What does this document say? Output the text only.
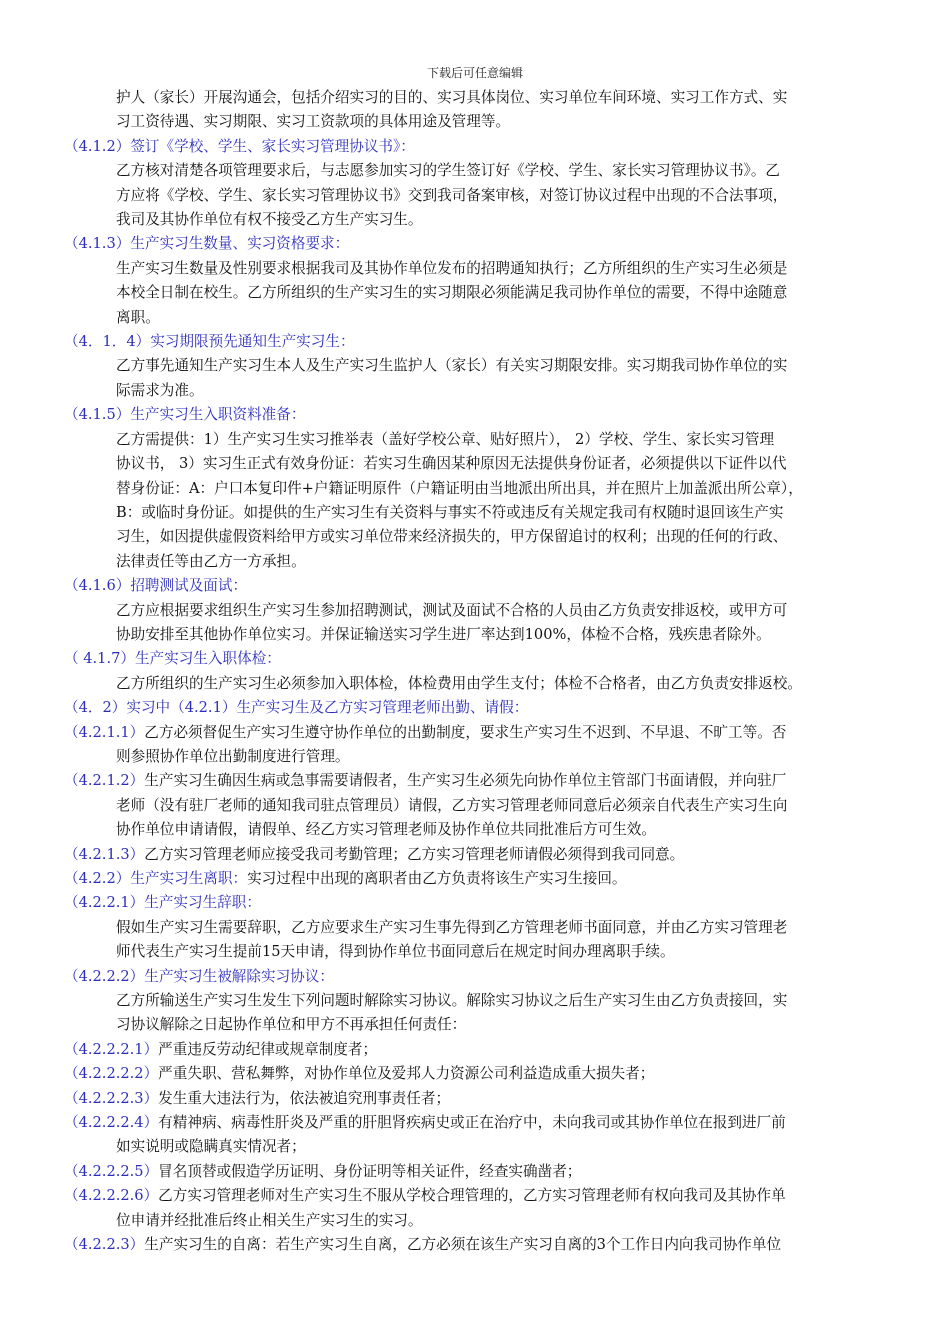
下载后可任意编辑
护人（家长）开展沟通会，包括介绍实习的目的、实习具体岗位、实习单位车间环境、实习工作方式、实
习工资待遇、实习期限、实习工资款项的具体用途及管理等。
（4.1.2）签订《学校、学生、家长实习管理协议书》：
乙方核对清楚各项管理要求后，与志愿参加实习的学生签订好《学校、学生、家长实习管理协议书》。乙
方应将《学校、学生、家长实习管理协议书》交到我司备案审核，对签订协议过程中出现的不合法事项，
我司及其协作单位有权不接受乙方生产实习生。
（4.1.3）生产实习生数量、实习资格要求：
生产实习生数量及性别要求根据我司及其协作单位发布的招聘通知执行；乙方所组织的生产实习生必须是
本校全日制在校生。乙方所组织的生产实习生的实习期限必须能满足我司协作单位的需要，不得中途随意
离职。
（4．1．4）实习期限预先通知生产实习生：
乙方事先通知生产实习生本人及生产实习生监护人（家长）有关实习期限安排。实习期我司协作单位的实
际需求为准。
（4.1.5）生产实习生入职资料准备：
乙方需提供：1）生产实习生实习推举表（盖好学校公章、贴好照片）， 2）学校、学生、家长实习管理
协议书， 3）实习生正式有效身份证：若实习生确因某种原因无法提供身份证者，必须提供以下证件以代
替身份证：A：户口本复印件+户籍证明原件（户籍证明由当地派出所出具，并在照片上加盖派出所公章），
B：或临时身份证。如提供的生产实习生有关资料与事实不符或违反有关规定我司有权随时退回该生产实
习生，如因提供虚假资料给甲方或实习单位带来经济损失的，甲方保留追讨的权利；出现的任何的行政、
法律责任等由乙方一方承担。
（4.1.6）招聘测试及面试：
乙方应根据要求组织生产实习生参加招聘测试，测试及面试不合格的人员由乙方负责安排返校，或甲方可
协助安排至其他协作单位实习。并保证输送实习学生进厂率达到100%，体检不合格，残疾患者除外。
（ 4.1.7）生产实习生入职体检：
乙方所组织的生产实习生必须参加入职体检，体检费用由学生支付；体检不合格者，由乙方负责安排返校。
（4．2）实习中（4.2.1）生产实习生及乙方实习管理老师出勤、请假：
（4.2.1.1）乙方必须督促生产实习生遵守协作单位的出勤制度，要求生产实习生不迟到、不早退、不旷工等。否
则参照协作单位出勤制度进行管理。
（4.2.1.2）生产实习生确因生病或急事需要请假者，生产实习生必须先向协作单位主管部门书面请假，并向驻厂
老师（没有驻厂老师的通知我司驻点管理员）请假，乙方实习管理老师同意后必须亲自代表生产实习生向
协作单位申请请假，请假单、经乙方实习管理老师及协作单位共同批准后方可生效。
（4.2.1.3）乙方实习管理老师应接受我司考勤管理；乙方实习管理老师请假必须得到我司同意。
（4.2.2）生产实习生离职：实习过程中出现的离职者由乙方负责将该生产实习生接回。
（4.2.2.1）生产实习生辞职：
假如生产实习生需要辞职，乙方应要求生产实习生事先得到乙方管理老师书面同意，并由乙方实习管理老
师代表生产实习生提前15天申请，得到协作单位书面同意后在规定时间办理离职手续。
（4.2.2.2）生产实习生被解除实习协议：
乙方所输送生产实习生发生下列问题时解除实习协议。解除实习协议之后生产实习生由乙方负责接回，实
习协议解除之日起协作单位和甲方不再承担任何责任：
（4.2.2.2.1）严重违反劳动纪律或规章制度者；
（4.2.2.2.2）严重失职、营私舞弊，对协作单位及爱邦人力资源公司利益造成重大损失者；
（4.2.2.2.3）发生重大违法行为，依法被追究刑事责任者；
（4.2.2.2.4）有精神病、病毒性肝炎及严重的肝胆肾疾病史或正在治疗中，未向我司或其协作单位在报到进厂前
如实说明或隐瞒真实情况者；
（4.2.2.2.5）冒名顶替或假造学历证明、身份证明等相关证件，经查实确凿者；
（4.2.2.2.6）乙方实习管理老师对生产实习生不服从学校合理管理的，乙方实习管理老师有权向我司及其协作单
位申请并经批准后终止相关生产实习生的实习。
（4.2.2.3）生产实习生的自离：若生产实习生自离，乙方必须在该生产实习自离的3个工作日内向我司协作单位
